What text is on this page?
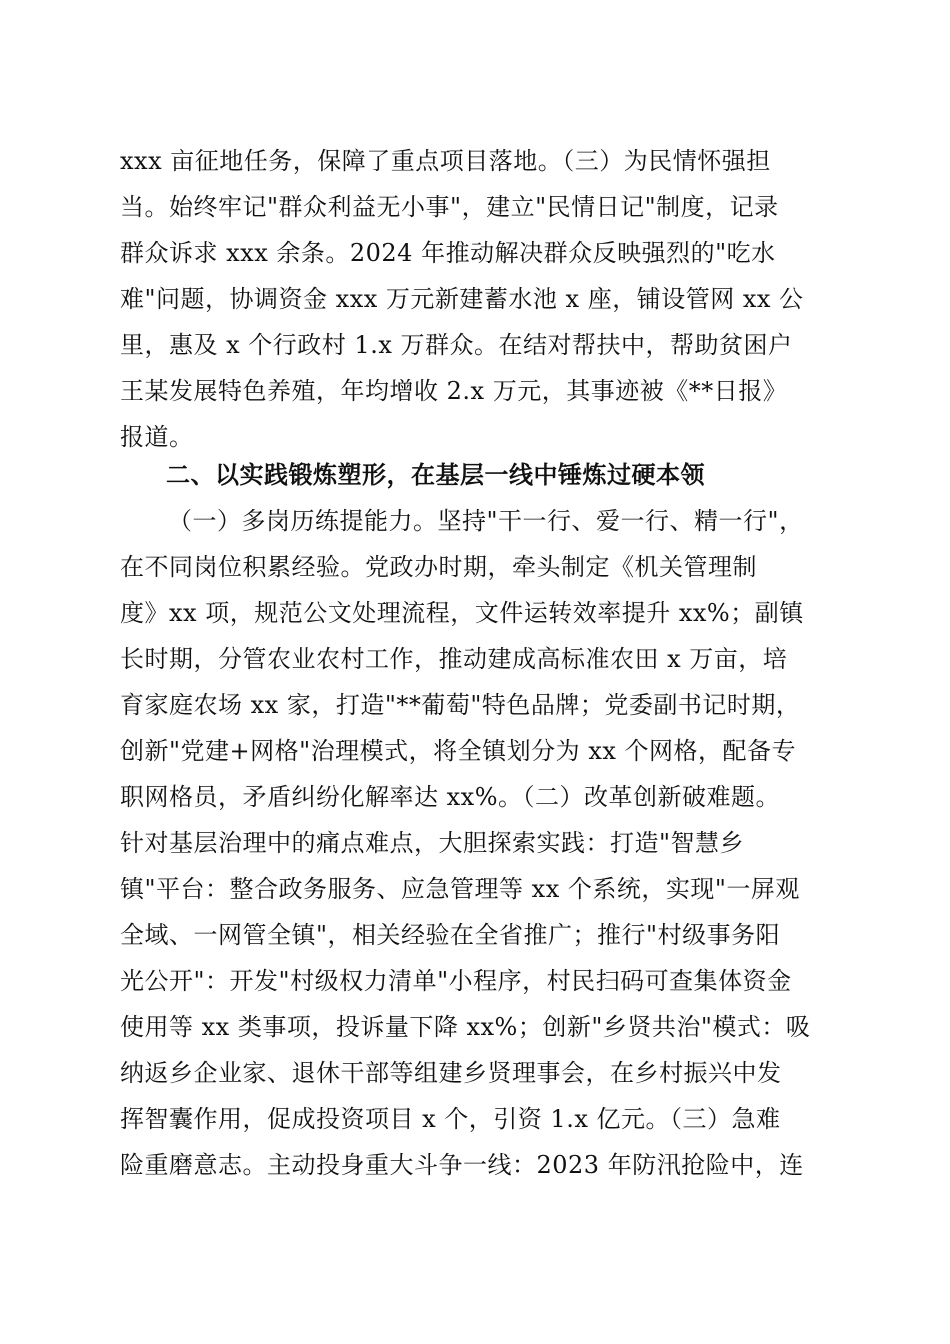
xxx 亩征地任务，保障了重点项目落地。（三）为民情怀强担
当。始终牢记"群众利益无小事"，建立"民情日记"制度，记录
群众诉求 xxx 余条。2024 年推动解决群众反映强烈的"吃水
难"问题，协调资金 xxx 万元新建蓄水池 x 座，铺设管网 xx 公
里，惠及 x 个行政村 1.x 万群众。在结对帮扶中，帮助贫困户
王某发展特色养殖，年均增收 2.x 万元，其事迹被《**日报》
报道。
二、以实践锻炼塑形，在基层一线中锤炼过硬本领
（一）多岗历练提能力。坚持"干一行、爱一行、精一行"，
在不同岗位积累经验。党政办时期，牵头制定《机关管理制
度》xx 项，规范公文处理流程，文件运转效率提升 xx%；副镇
长时期，分管农业农村工作，推动建成高标准农田 x 万亩，培
育家庭农场 xx 家，打造"**葡萄"特色品牌；党委副书记时期，
创新"党建+网格"治理模式，将全镇划分为 xx 个网格，配备专
职网格员，矛盾纠纷化解率达 xx%。（二）改革创新破难题。
针对基层治理中的痛点难点，大胆探索实践：打造"智慧乡
镇"平台：整合政务服务、应急管理等 xx 个系统，实现"一屏观
全域、一网管全镇"，相关经验在全省推广；推行"村级事务阳
光公开"：开发"村级权力清单"小程序，村民扫码可查集体资金
使用等 xx 类事项，投诉量下降 xx%；创新"乡贤共治"模式：吸
纳返乡企业家、退休干部等组建乡贤理事会，在乡村振兴中发
挥智囊作用，促成投资项目 x 个，引资 1.x 亿元。（三）急难
险重磨意志。主动投身重大斗争一线：2023 年防汛抢险中，连
